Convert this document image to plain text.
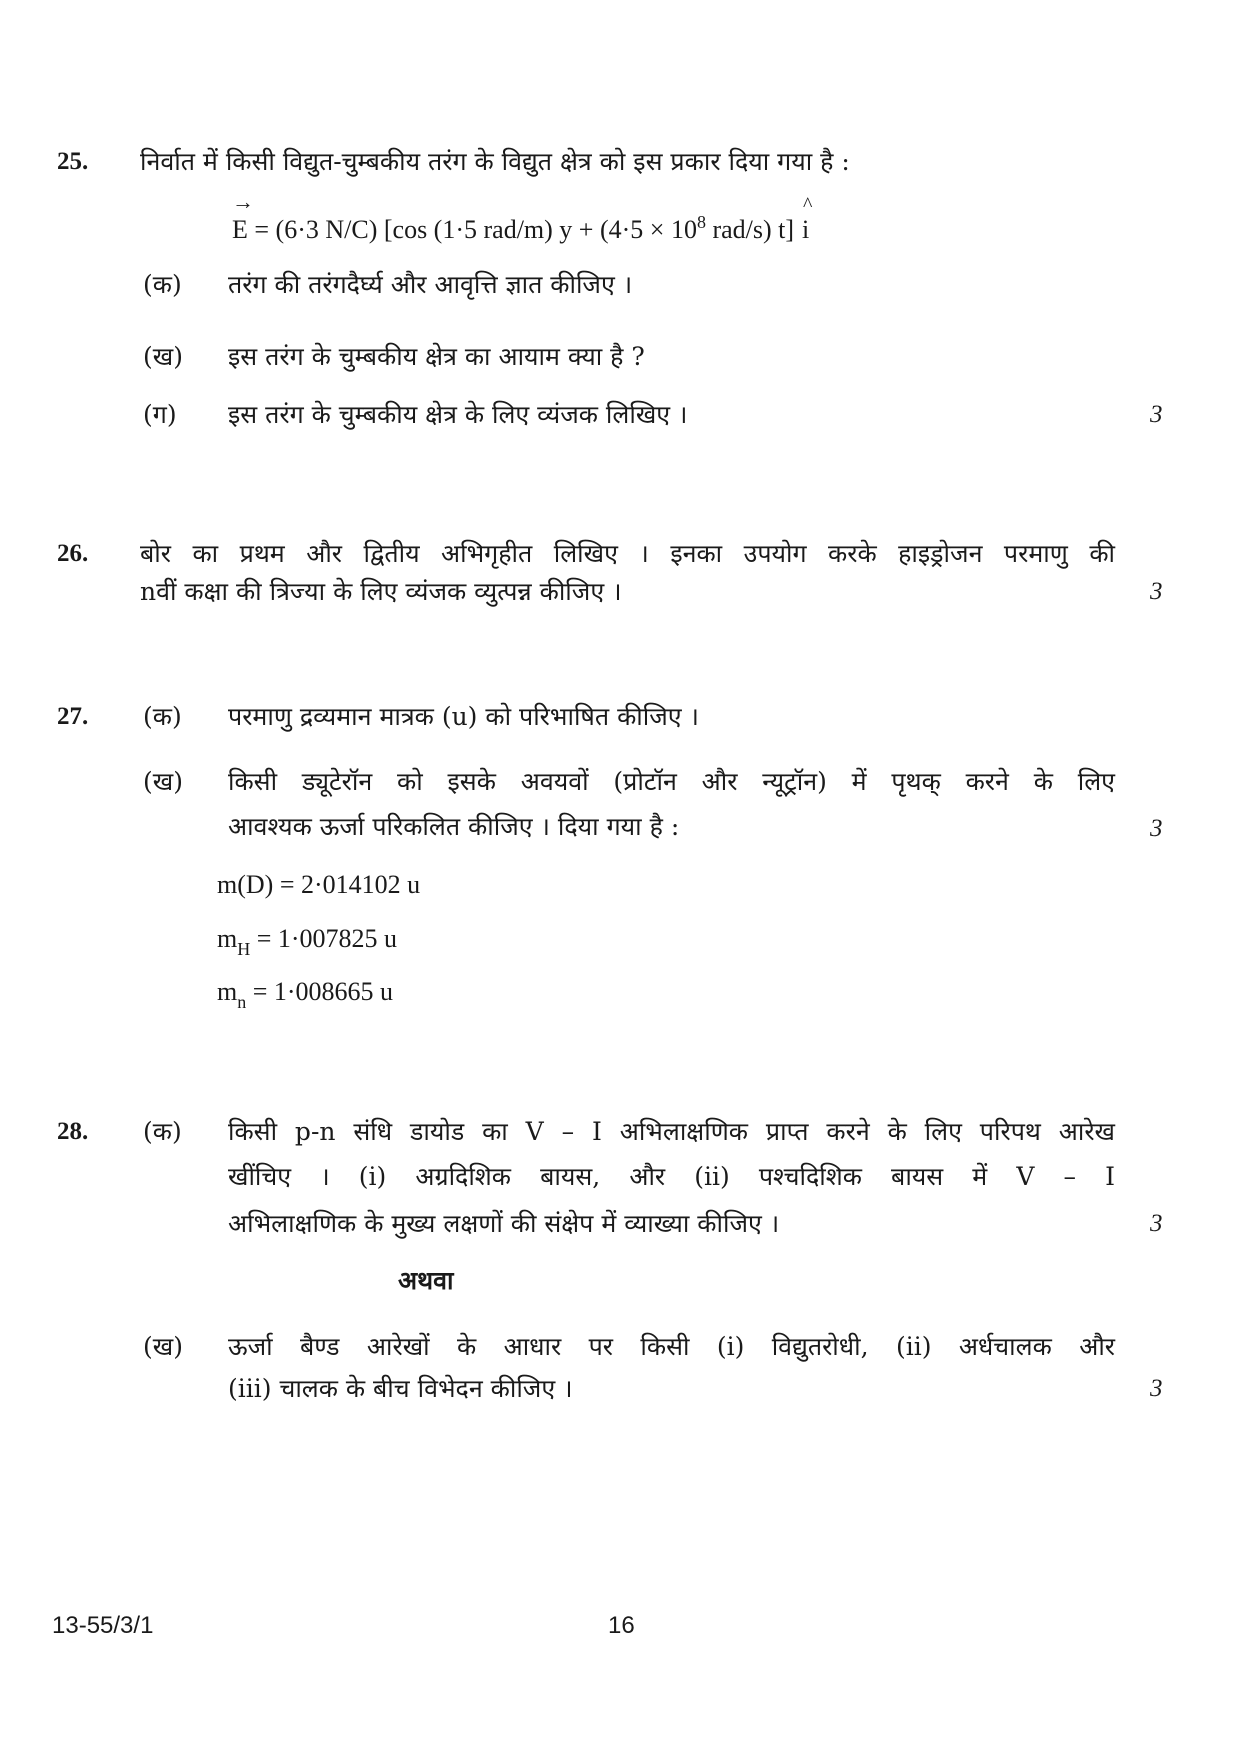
25. निर्वात में किसी विद्युत-चुम्बकीय तरंग के विद्युत क्षेत्र को इस प्रकार दिया गया है :
→
E = (6·3 N/C) [cos (1·5 rad/m) $y + (4\cdot 5 \times 10^8$ rad/s) t]
^
i
(क) तरंग की तरंगदैर्घ्य और आवृत्ति ज्ञात कीजिए ।
(ख) इस तरंग के चुम्बकीय क्षेत्र का आयाम क्या है ?
(ग) इस तरंग के चुम्बकीय क्षेत्र के लिए व्यंजक लिखिए ।	3
26. बोर का प्रथम और द्वितीय अभिगृहीत लिखिए । इनका उपयोग करके हाइड्रोजन परमाणु की
nवीं कक्षा की त्रिज्या के लिए व्यंजक व्युत्पन्न कीजिए ।	3
27. (क) परमाणु द्रव्यमान मात्रक (u) को परिभाषित कीजिए ।
(ख) किसी ड्यूटेरॉन को इसके अवयवों (प्रोटॉन और न्यूट्रॉन) में पृथक् करने के लिए
आवश्यक ऊर्जा परिकलित कीजिए । दिया गया है :	3
m(D) = 2·014102 u
$m_H = 1\cdot 007825$ u
$m_n = 1\cdot 008665$ u
28. (क) किसी p-n संधि डायोड का V – I अभिलाक्षणिक प्राप्त करने के लिए परिपथ आरेख
खींचिए । (i) अग्रदिशिक बायस, और (ii) पश्चदिशिक बायस में V – I
अभिलाक्षणिक के मुख्य लक्षणों की संक्षेप में व्याख्या कीजिए ।	3
अथवा
(ख) ऊर्जा बैण्ड आरेखों के आधार पर किसी (i) विद्युतरोधी, (ii) अर्धचालक और
(iii) चालक के बीच विभेदन कीजिए ।	3
13-55/3/1	16
